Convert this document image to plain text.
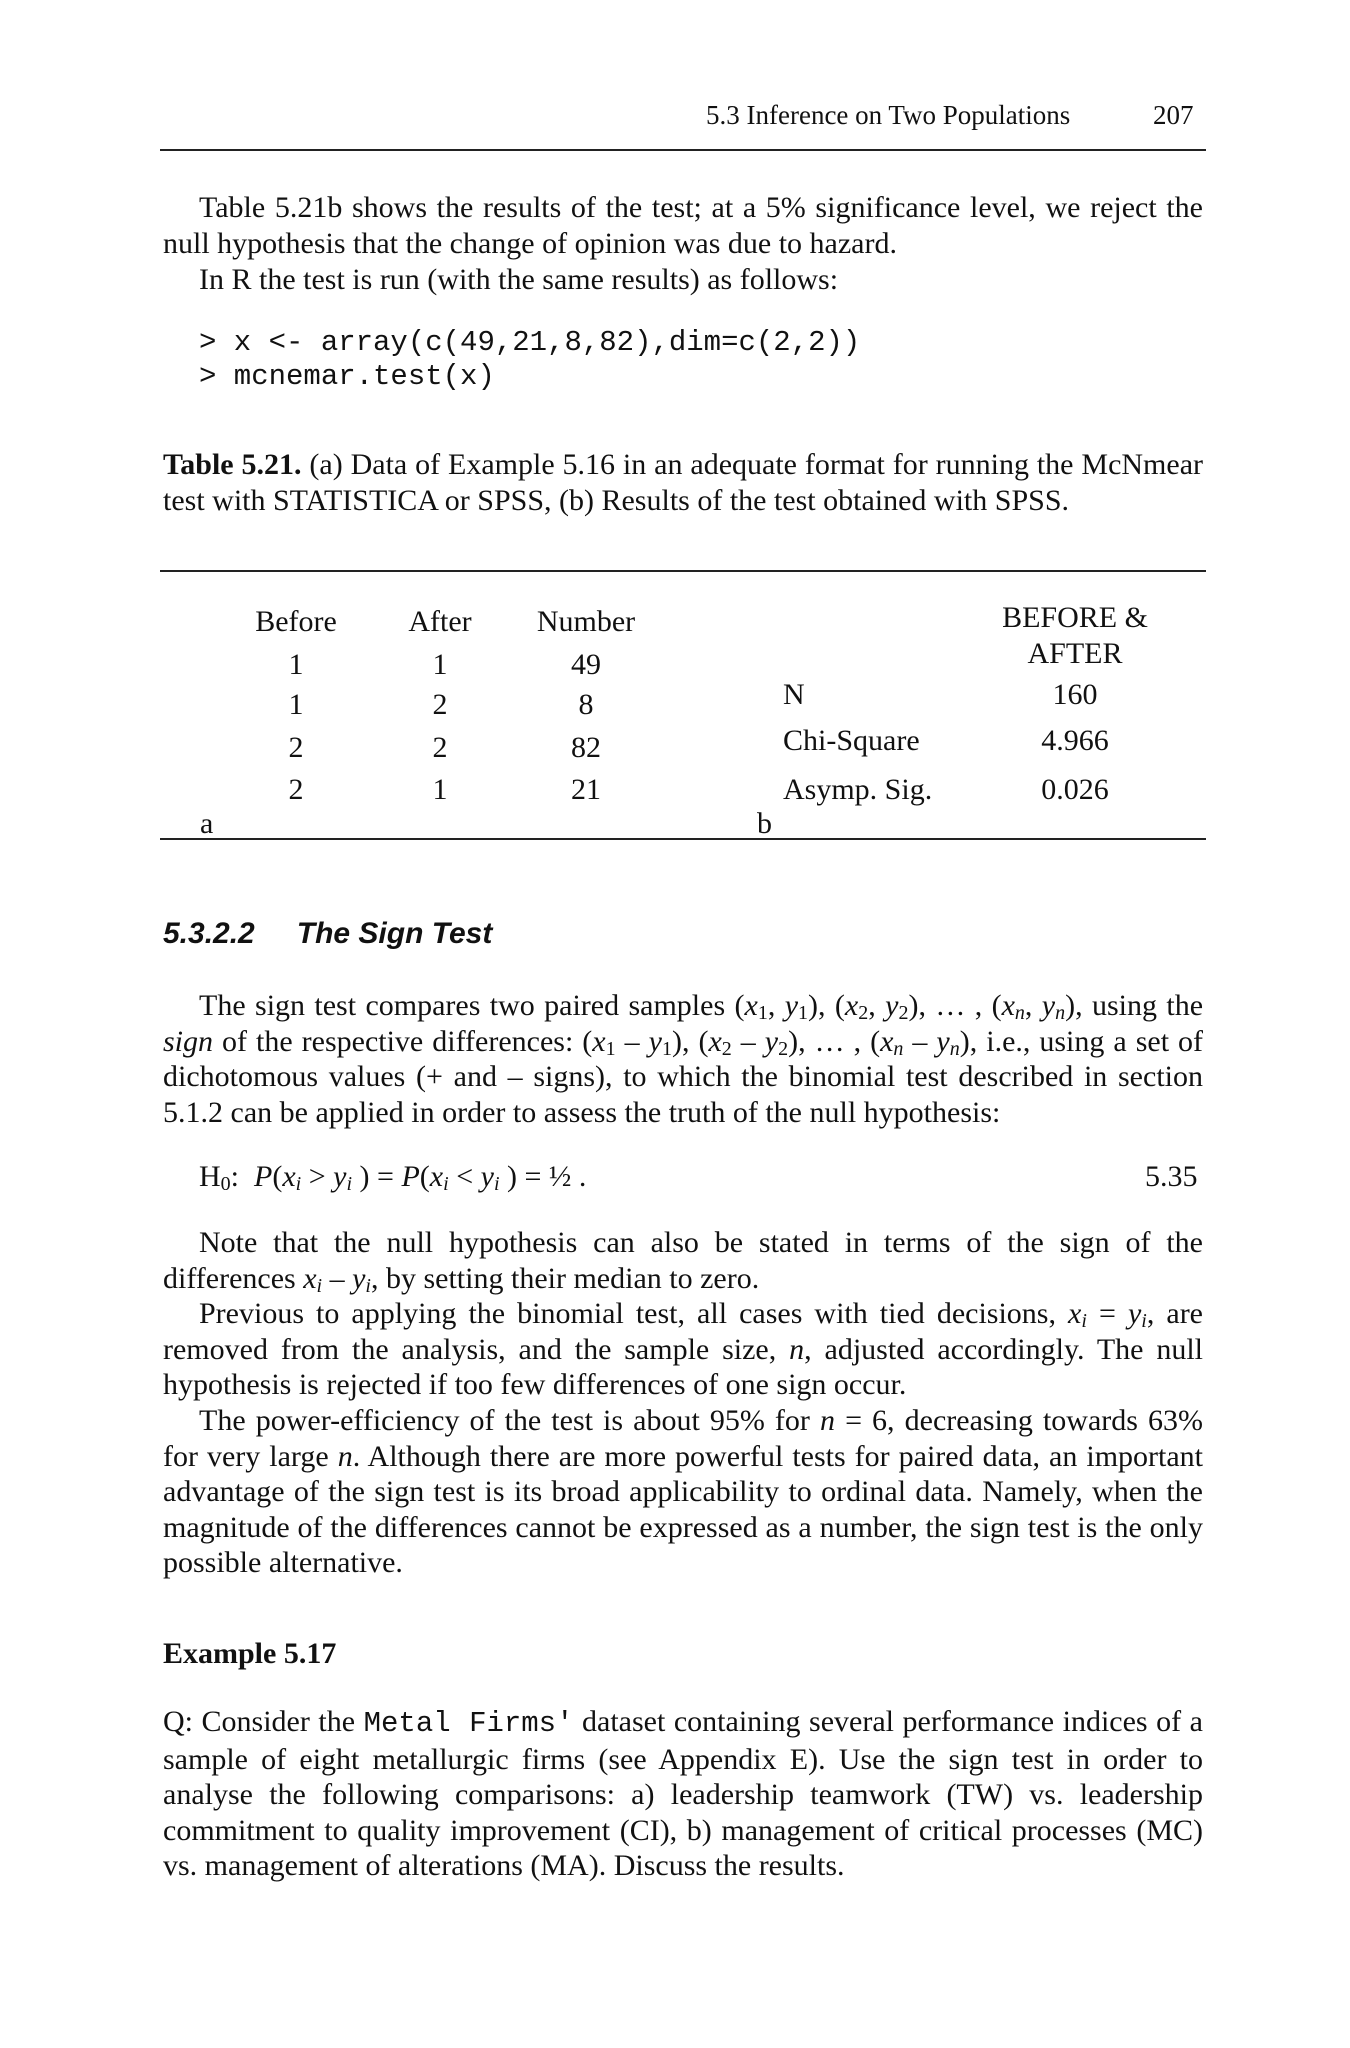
5.3 Inference on Two Populations	207
Table 5.21b shows the results of the test; at a 5% significance level, we reject the null hypothesis that the change of opinion was due to hazard.
In R the test is run (with the same results) as follows:
> x <- array(c(49,21,8,82),dim=c(2,2))
> mcnemar.test(x)
Table 5.21. (a) Data of Example 5.16 in an adequate format for running the McNmear test with STATISTICA or SPSS, (b) Results of the test obtained with SPSS.
Before	After	Number
1	1	49
1	2	8
2	2	82
2	1	21
a
BEFORE &
AFTER
N	160
Chi-Square	4.966
Asymp. Sig.	0.026
b
5.3.2.2 The Sign Test
The sign test compares two paired samples ($x_1$, $y_1$), ($x_2$, $y_2$), … , ($x_n$, $y_n$), using the sign of the respective differences: $(x_1 - y_1)$, $(x_2 - y_2)$, … , $(x_n - y_n)$, i.e., using a set of dichotomous values (+ and – signs), to which the binomial test described in section 5.1.2 can be applied in order to assess the truth of the null hypothesis:
$H_0$:  $P(x_i > y_i$ ) = $P(x_i < y_i$ ) = ½ .	5.35
Note that the null hypothesis can also be stated in terms of the sign of the differences $x_i - y_i$, by setting their median to zero.
Previous to applying the binomial test, all cases with tied decisions, $x_i = y_i$, are removed from the analysis, and the sample size, n, adjusted accordingly. The null hypothesis is rejected if too few differences of one sign occur.
The power-efficiency of the test is about 95% for n = 6, decreasing towards 63% for very large n. Although there are more powerful tests for paired data, an important advantage of the sign test is its broad applicability to ordinal data. Namely, when the magnitude of the differences cannot be expressed as a number, the sign test is the only possible alternative.
Example 5.17
Q: Consider the Metal Firms' dataset containing several performance indices of a sample of eight metallurgic firms (see Appendix E). Use the sign test in order to analyse the following comparisons: a) leadership teamwork (TW) vs. leadership commitment to quality improvement (CI), b) management of critical processes (MC) vs. management of alterations (MA). Discuss the results.
